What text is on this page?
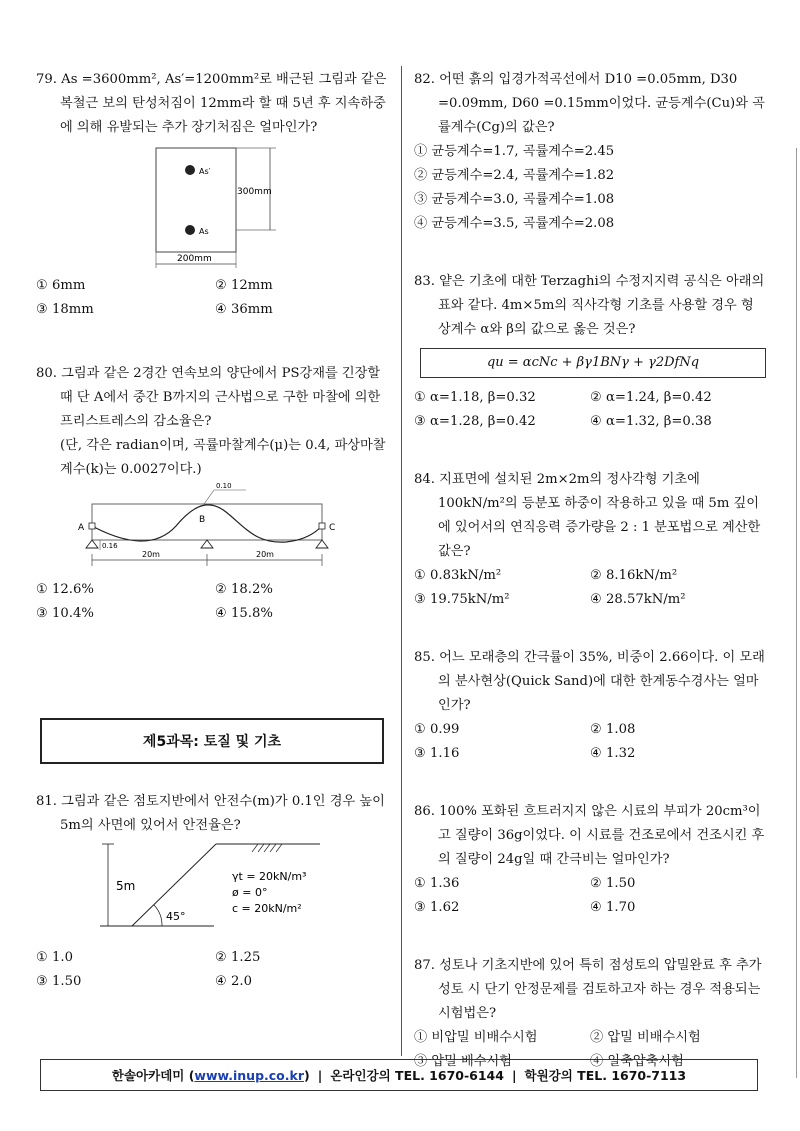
79. As =3600mm², As′=1200mm²로 배근된 그림과 같은 복철근 보의 탄성처짐이 12mm라 할 때 5년 후 지속하중에 의해 유발되는 추가 장기처짐은 얼마인가?
As′
As
300mm
200mm
① 6mm	② 12mm
③ 18mm	④ 36mm
80. 그림과 같은 2경간 연속보의 양단에서 PS강재를 긴장할 때 단 A에서 중간 B까지의 근사법으로 구한 마찰에 의한 프리스트레스의 감소율은?
(단, 각은 radian이며, 곡률마찰계수(μ)는 0.4, 파상마찰계수(k)는 0.0027이다.)
A
B
C
0.10
0.16
20m	20m
① 12.6%	② 18.2%
③ 10.4%	④ 15.8%
제5과목: 토질 및 기초
81. 그림과 같은 점토지반에서 안전수(m)가 0.1인 경우 높이 5m의 사면에 있어서 안전율은?
45°
5m
γt = 20kN/m³
ø = 0°
c = 20kN/m²
① 1.0	② 1.25
③ 1.50	④ 2.0
82. 어떤 흙의 입경가적곡선에서 D10 =0.05mm, D30 =0.09mm, D60 =0.15mm이었다. 균등계수(Cu)와 곡률계수(Cg)의 값은?
① 균등계수=1.7, 곡률계수=2.45
② 균등계수=2.4, 곡률계수=1.82
③ 균등계수=3.0, 곡률계수=1.08
④ 균등계수=3.5, 곡률계수=2.08
83. 얕은 기초에 대한 Terzaghi의 수정지지력 공식은 아래의 표와 같다. 4m×5m의 직사각형 기초를 사용할 경우 형상계수 α와 β의 값으로 옳은 것은?
qu = αcNc + βγ1BNγ + γ2DfNq
① α=1.18, β=0.32	② α=1.24, β=0.42
③ α=1.28, β=0.42	④ α=1.32, β=0.38
84. 지표면에 설치된 2m×2m의 정사각형 기초에 100kN/m²의 등분포 하중이 작용하고 있을 때 5m 깊이에 있어서의 연직응력 증가량을 2 : 1 분포법으로 계산한 값은?
① 0.83kN/m²	② 8.16kN/m²
③ 19.75kN/m²	④ 28.57kN/m²
85. 어느 모래층의 간극률이 35%, 비중이 2.66이다. 이 모래의 분사현상(Quick Sand)에 대한 한계동수경사는 얼마인가?
① 0.99	② 1.08
③ 1.16	④ 1.32
86. 100% 포화된 흐트러지지 않은 시료의 부피가 20cm³이고 질량이 36g이었다. 이 시료를 건조로에서 건조시킨 후의 질량이 24g일 때 간극비는 얼마인가?
① 1.36	② 1.50
③ 1.62	④ 1.70
87. 성토나 기초지반에 있어 특히 점성토의 압밀완료 후 추가 성토 시 단기 안정문제를 검토하고자 하는 경우 적용되는 시험법은?
① 비압밀 비배수시험	② 압밀 비배수시험
③ 압밀 배수시험	④ 일축압축시험
한솔아카데미 (www.inup.co.kr) | 온라인강의 TEL. 1670-6144 | 학원강의 TEL. 1670-7113
